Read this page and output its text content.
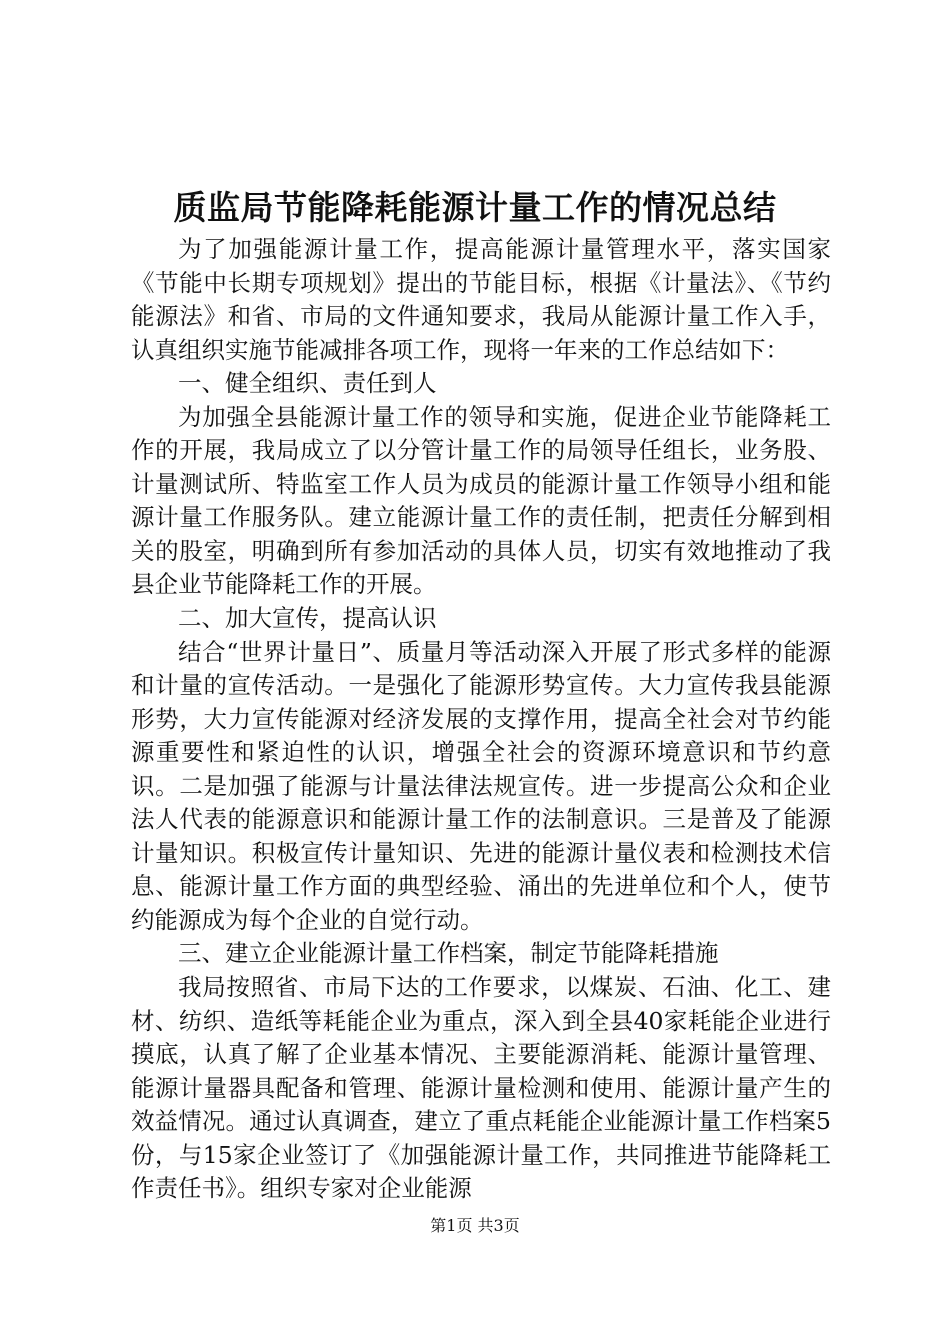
质监局节能降耗能源计量工作的情况总结

为了加强能源计量工作，提高能源计量管理水平，落实国家《节能中长期专项规划》提出的节能目标，根据《计量法》、《节约能源法》和省、市局的文件通知要求，我局从能源计量工作入手，认真组织实施节能减排各项工作，现将一年来的工作总结如下：

一、健全组织、责任到人

为加强全县能源计量工作的领导和实施，促进企业节能降耗工作的开展，我局成立了以分管计量工作的局领导任组长，业务股、计量测试所、特监室工作人员为成员的能源计量工作领导小组和能源计量工作服务队。建立能源计量工作的责任制，把责任分解到相关的股室，明确到所有参加活动的具体人员，切实有效地推动了我县企业节能降耗工作的开展。

二、加大宣传，提高认识

结合“世界计量日”、质量月等活动深入开展了形式多样的能源和计量的宣传活动。一是强化了能源形势宣传。大力宣传我县能源形势，大力宣传能源对经济发展的支撑作用，提高全社会对节约能源重要性和紧迫性的认识，增强全社会的资源环境意识和节约意识。二是加强了能源与计量法律法规宣传。进一步提高公众和企业法人代表的能源意识和能源计量工作的法制意识。三是普及了能源计量知识。积极宣传计量知识、先进的能源计量仪表和检测技术信息、能源计量工作方面的典型经验、涌出的先进单位和个人，使节约能源成为每个企业的自觉行动。

三、建立企业能源计量工作档案，制定节能降耗措施

我局按照省、市局下达的工作要求，以煤炭、石油、化工、建材、纺织、造纸等耗能企业为重点，深入到全县40家耗能企业进行摸底，认真了解了企业基本情况、主要能源消耗、能源计量管理、能源计量器具配备和管理、能源计量检测和使用、能源计量产生的效益情况。通过认真调查，建立了重点耗能企业能源计量工作档案5份，与15家企业签订了《加强能源计量工作，共同推进节能降耗工作责任书》。组织专家对企业能源

第1页 共3页
